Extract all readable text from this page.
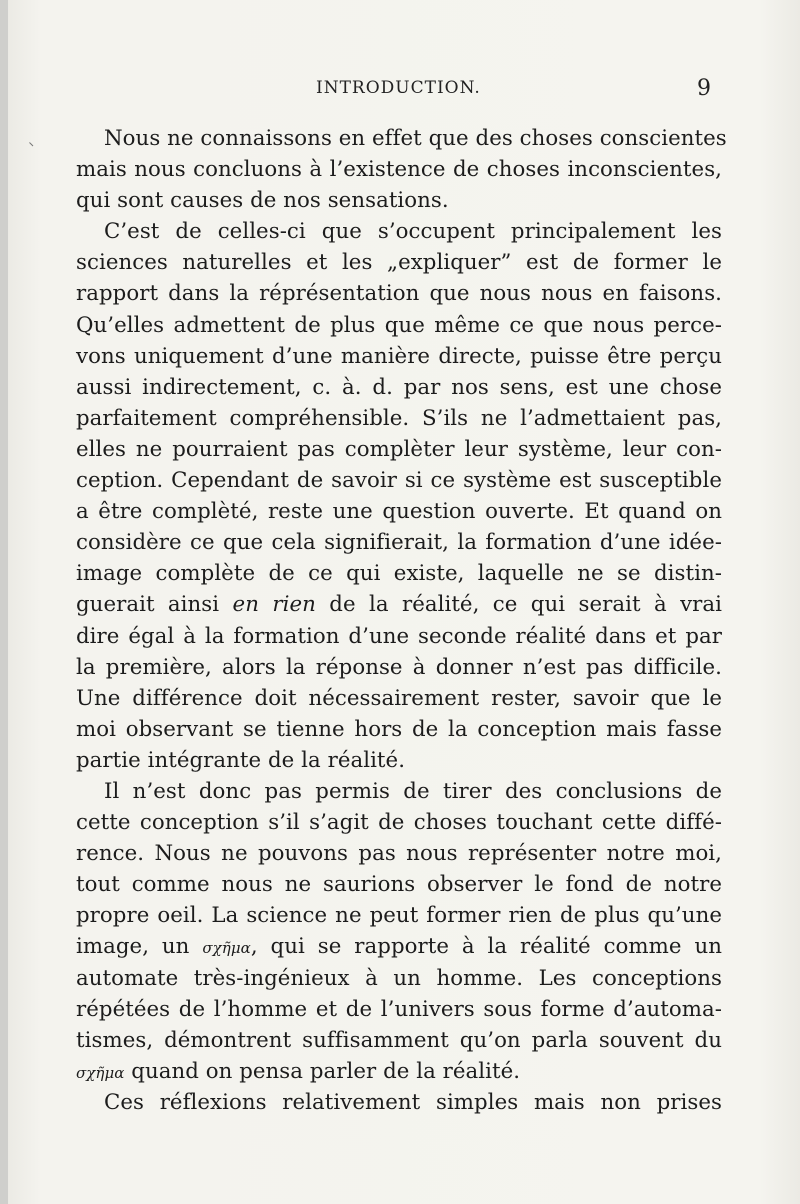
INTRODUCTION.	9
Nous ne connaissons en effet que des choses conscientes
mais nous concluons à l’existence de choses inconscientes,
qui sont causes de nos sensations.
C’est de celles-ci que s’occupent principalement les
sciences naturelles et les „expliquer” est de former le
rapport dans la réprésentation que nous nous en faisons.
Qu’elles admettent de plus que même ce que nous perce-
vons uniquement d’une manière directe, puisse être perçu
aussi indirectement, c. à. d. par nos sens, est une chose
parfaitement compréhensible. S’ils ne l’admettaient pas,
elles ne pourraient pas complèter leur système, leur con-
ception. Cependant de savoir si ce système est susceptible
a être complèté, reste une question ouverte. Et quand on
considère ce que cela signifierait, la formation d’une idée-
image complète de ce qui existe, laquelle ne se distin-
guerait ainsi en rien de la réalité, ce qui serait à vrai
dire égal à la formation d’une seconde réalité dans et par
la première, alors la réponse à donner n’est pas difficile.
Une différence doit nécessairement rester, savoir que le
moi observant se tienne hors de la conception mais fasse
partie intégrante de la réalité.
Il n’est donc pas permis de tirer des conclusions de
cette conception s’il s’agit de choses touchant cette diffé-
rence. Nous ne pouvons pas nous représenter notre moi,
tout comme nous ne saurions observer le fond de notre
propre oeil. La science ne peut former rien de plus qu’une
image, un σχῆμα, qui se rapporte à la réalité comme un
automate très-ingénieux à un homme. Les conceptions
répétées de l’homme et de l’univers sous forme d’automa-
tismes, démontrent suffisamment qu’on parla souvent du
σχῆμα quand on pensa parler de la réalité.
Ces réflexions relativement simples mais non prises
